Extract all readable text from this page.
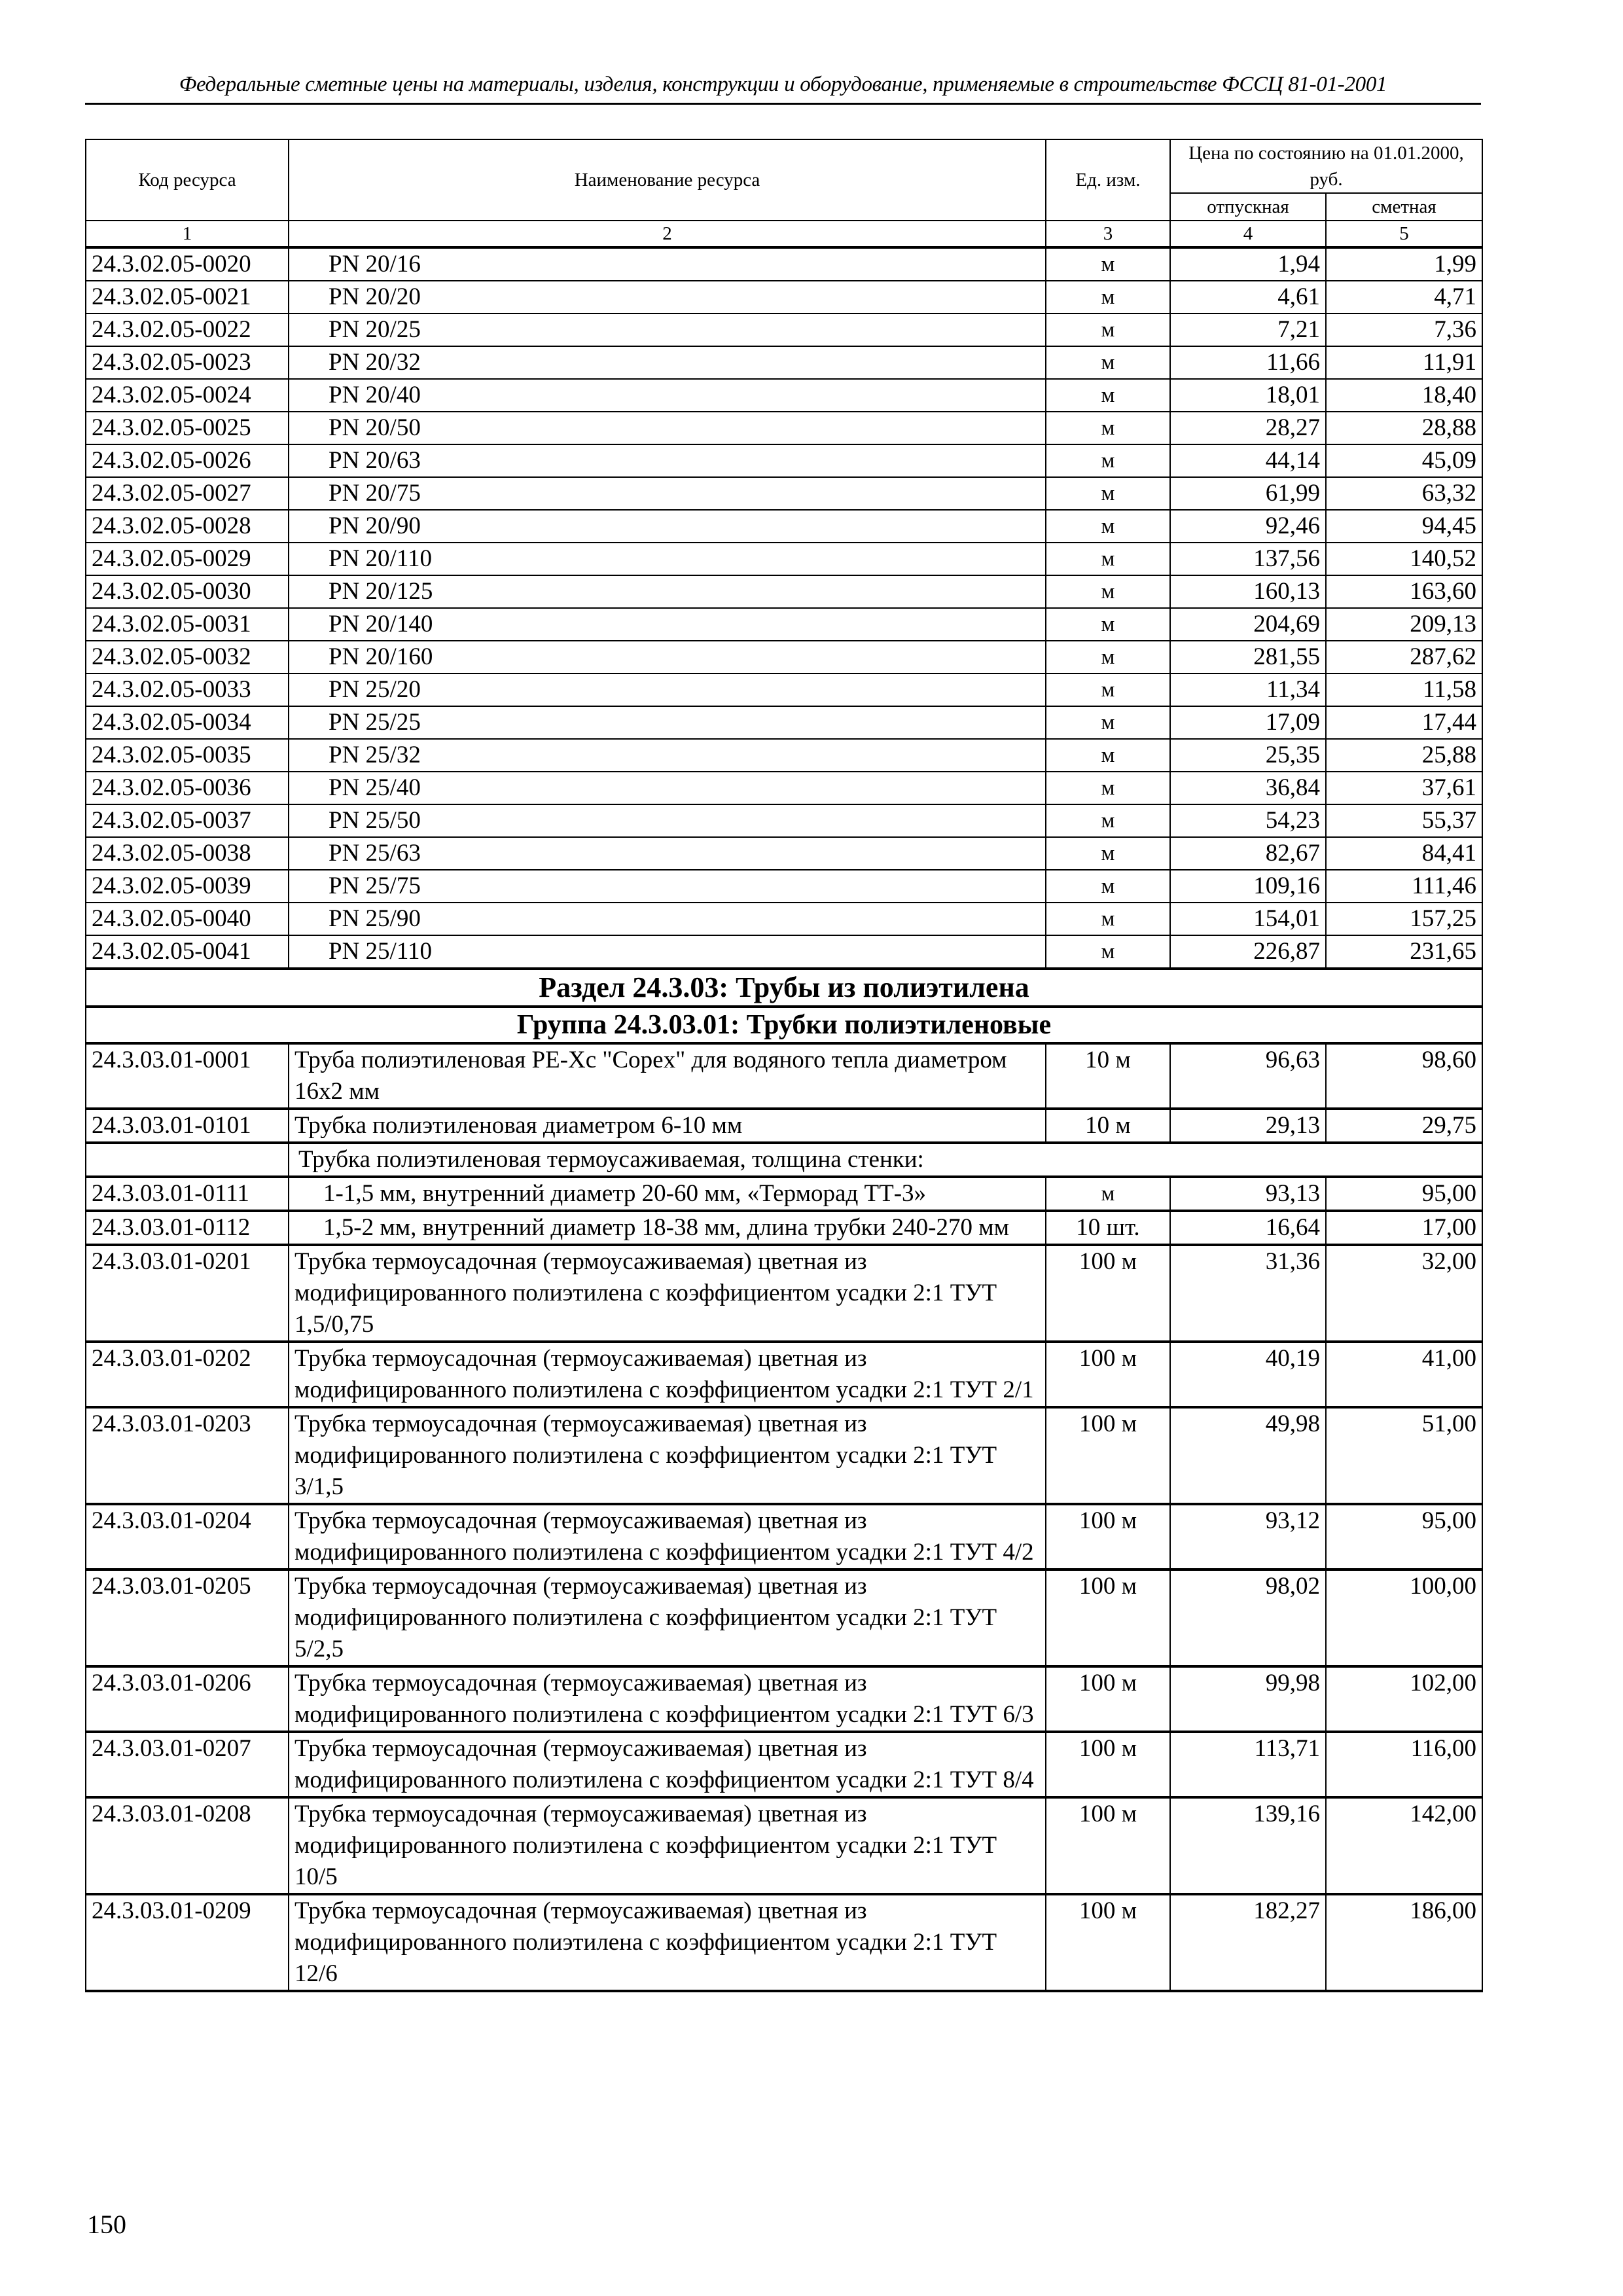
Федеральные сметные цены на материалы, изделия, конструкции и оборудование, применяемые в строительстве ФССЦ 81-01-2001
Код ресурса	Наименование ресурса	Ед. изм.	Цена по состоянию на 01.01.2000, руб.	
			отпускная	сметная
1	2	3	4	5
24.3.02.05-0020	PN 20/16	м	1,94	1,99
24.3.02.05-0021	PN 20/20	м	4,61	4,71
24.3.02.05-0022	PN 20/25	м	7,21	7,36
24.3.02.05-0023	PN 20/32	м	11,66	11,91
24.3.02.05-0024	PN 20/40	м	18,01	18,40
24.3.02.05-0025	PN 20/50	м	28,27	28,88
24.3.02.05-0026	PN 20/63	м	44,14	45,09
24.3.02.05-0027	PN 20/75	м	61,99	63,32
24.3.02.05-0028	PN 20/90	м	92,46	94,45
24.3.02.05-0029	PN 20/110	м	137,56	140,52
24.3.02.05-0030	PN 20/125	м	160,13	163,60
24.3.02.05-0031	PN 20/140	м	204,69	209,13
24.3.02.05-0032	PN 20/160	м	281,55	287,62
24.3.02.05-0033	PN 25/20	м	11,34	11,58
24.3.02.05-0034	PN 25/25	м	17,09	17,44
24.3.02.05-0035	PN 25/32	м	25,35	25,88
24.3.02.05-0036	PN 25/40	м	36,84	37,61
24.3.02.05-0037	PN 25/50	м	54,23	55,37
24.3.02.05-0038	PN 25/63	м	82,67	84,41
24.3.02.05-0039	PN 25/75	м	109,16	111,46
24.3.02.05-0040	PN 25/90	м	154,01	157,25
24.3.02.05-0041	PN 25/110	м	226,87	231,65
Раздел 24.3.03: Трубы из полиэтилена				
Группа 24.3.03.01: Трубки полиэтиленовые				
24.3.03.01-0001	Труба полиэтиленовая PE-Xc "Copex" для водяного тепла диаметром 16x2 мм	10 м	96,63	98,60
24.3.03.01-0101	Трубка полиэтиленовая диаметром 6-10 мм	10 м	29,13	29,75
	Трубка полиэтиленовая термоусаживаемая, толщина стенки:			
24.3.03.01-0111	1-1,5 мм, внутренний диаметр 20-60 мм, «Терморад ТТ-3»	м	93,13	95,00
24.3.03.01-0112	1,5-2 мм, внутренний диаметр 18-38 мм, длина трубки 240-270 мм	10 шт.	16,64	17,00
24.3.03.01-0201	Трубка термоусадочная (термоусаживаемая) цветная из модифицированного полиэтилена с коэффициентом усадки 2:1 ТУТ 1,5/0,75	100 м	31,36	32,00
24.3.03.01-0202	Трубка термоусадочная (термоусаживаемая) цветная из модифицированного полиэтилена с коэффициентом усадки 2:1 ТУТ 2/1	100 м	40,19	41,00
24.3.03.01-0203	Трубка термоусадочная (термоусаживаемая) цветная из модифицированного полиэтилена с коэффициентом усадки 2:1 ТУТ 3/1,5	100 м	49,98	51,00
24.3.03.01-0204	Трубка термоусадочная (термоусаживаемая) цветная из модифицированного полиэтилена с коэффициентом усадки 2:1 ТУТ 4/2	100 м	93,12	95,00
24.3.03.01-0205	Трубка термоусадочная (термоусаживаемая) цветная из модифицированного полиэтилена с коэффициентом усадки 2:1 ТУТ 5/2,5	100 м	98,02	100,00
24.3.03.01-0206	Трубка термоусадочная (термоусаживаемая) цветная из модифицированного полиэтилена с коэффициентом усадки 2:1 ТУТ 6/3	100 м	99,98	102,00
24.3.03.01-0207	Трубка термоусадочная (термоусаживаемая) цветная из модифицированного полиэтилена с коэффициентом усадки 2:1 ТУТ 8/4	100 м	113,71	116,00
24.3.03.01-0208	Трубка термоусадочная (термоусаживаемая) цветная из модифицированного полиэтилена с коэффициентом усадки 2:1 ТУТ 10/5	100 м	139,16	142,00
24.3.03.01-0209	Трубка термоусадочная (термоусаживаемая) цветная из модифицированного полиэтилена с коэффициентом усадки 2:1 ТУТ 12/6	100 м	182,27	186,00
150
